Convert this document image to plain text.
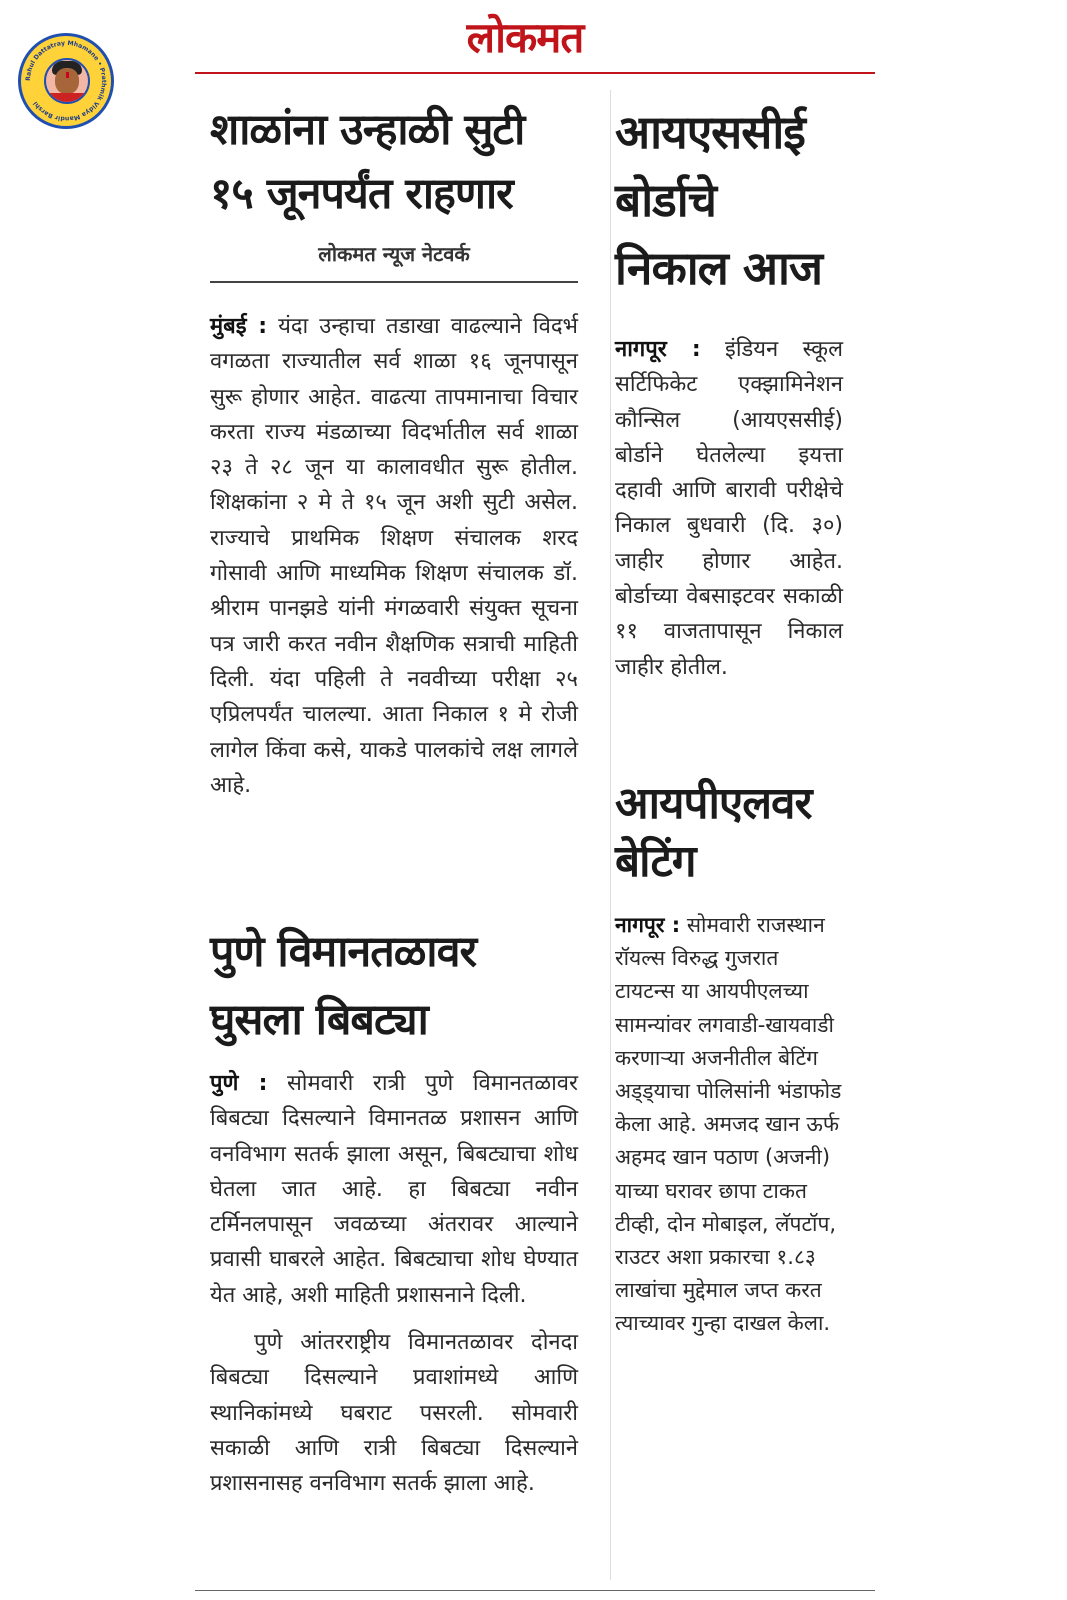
Rahul Dattatray Mhamane • Prathmik Vidya Mandir Barshi
लोकमत
शाळांना उन्हाळी सुटी १५ जूनपर्यंत राहणार
लोकमत न्यूज नेटवर्क

मुंबई : यंदा उन्हाचा तडाखा वाढल्याने विदर्भ वगळता राज्यातील सर्व शाळा १६ जूनपासून सुरू होणार आहेत. वाढत्या तापमानाचा विचार करता राज्य मंडळाच्या विदर्भातील सर्व शाळा २३ ते २८ जून या कालावधीत सुरू होतील. शिक्षकांना २ मे ते १५ जून अशी सुटी असेल. राज्याचे प्राथमिक शिक्षण संचालक शरद गोसावी आणि माध्यमिक शिक्षण संचालक डॉ. श्रीराम पानझडे यांनी मंगळवारी संयुक्त सूचना पत्र जारी करत नवीन शैक्षणिक सत्राची माहिती दिली. यंदा पहिली ते नववीच्या परीक्षा २५ एप्रिलपर्यंत चालल्या. आता निकाल १ मे रोजी लागेल किंवा कसे, याकडे पालकांचे लक्ष लागले आहे.

पुणे विमानतळावर घुसला बिबट्या

पुणे : सोमवारी रात्री पुणे विमानतळावर बिबट्या दिसल्याने विमानतळ प्रशासन आणि वनविभाग सतर्क झाला असून, बिबट्याचा शोध घेतला जात आहे. हा बिबट्या नवीन टर्मिनलपासून जवळच्या अंतरावर आल्याने प्रवासी घाबरले आहेत. बिबट्याचा शोध घेण्यात येत आहे, अशी माहिती प्रशासनाने दिली.

पुणे आंतरराष्ट्रीय विमानतळावर दोनदा बिबट्या दिसल्याने प्रवाशांमध्ये आणि स्थानिकांमध्ये घबराट पसरली. सोमवारी सकाळी आणि रात्री बिबट्या दिसल्याने प्रशासनासह वनविभाग सतर्क झाला आहे.

आयएससीई बोर्डाचे निकाल आज

नागपूर : इंडियन स्कूल सर्टिफिकेट एक्झामिनेशन कौन्सिल (आयएससीई) बोर्डाने घेतलेल्या इयत्ता दहावी आणि बारावी परीक्षेचे निकाल बुधवारी (दि. ३०) जाहीर होणार आहेत. बोर्डाच्या वेबसाइटवर सकाळी ११ वाजतापासून निकाल जाहीर होतील.

आयपीएलवर बेटिंग

नागपूर : सोमवारी राजस्थान रॉयल्स विरुद्ध गुजरात टायटन्स या आयपीएलच्या सामन्यांवर लगवाडी-खायवाडी करणाऱ्या अजनीतील बेटिंग अड्ड्याचा पोलिसांनी भंडाफोड केला आहे. अमजद खान ऊर्फ अहमद खान पठाण (अजनी) याच्या घरावर छापा टाकत टीव्ही, दोन मोबाइल, लॅपटॉप, राउटर अशा प्रकारचा १.८३ लाखांचा मुद्देमाल जप्त करत त्याच्यावर गुन्हा दाखल केला.
